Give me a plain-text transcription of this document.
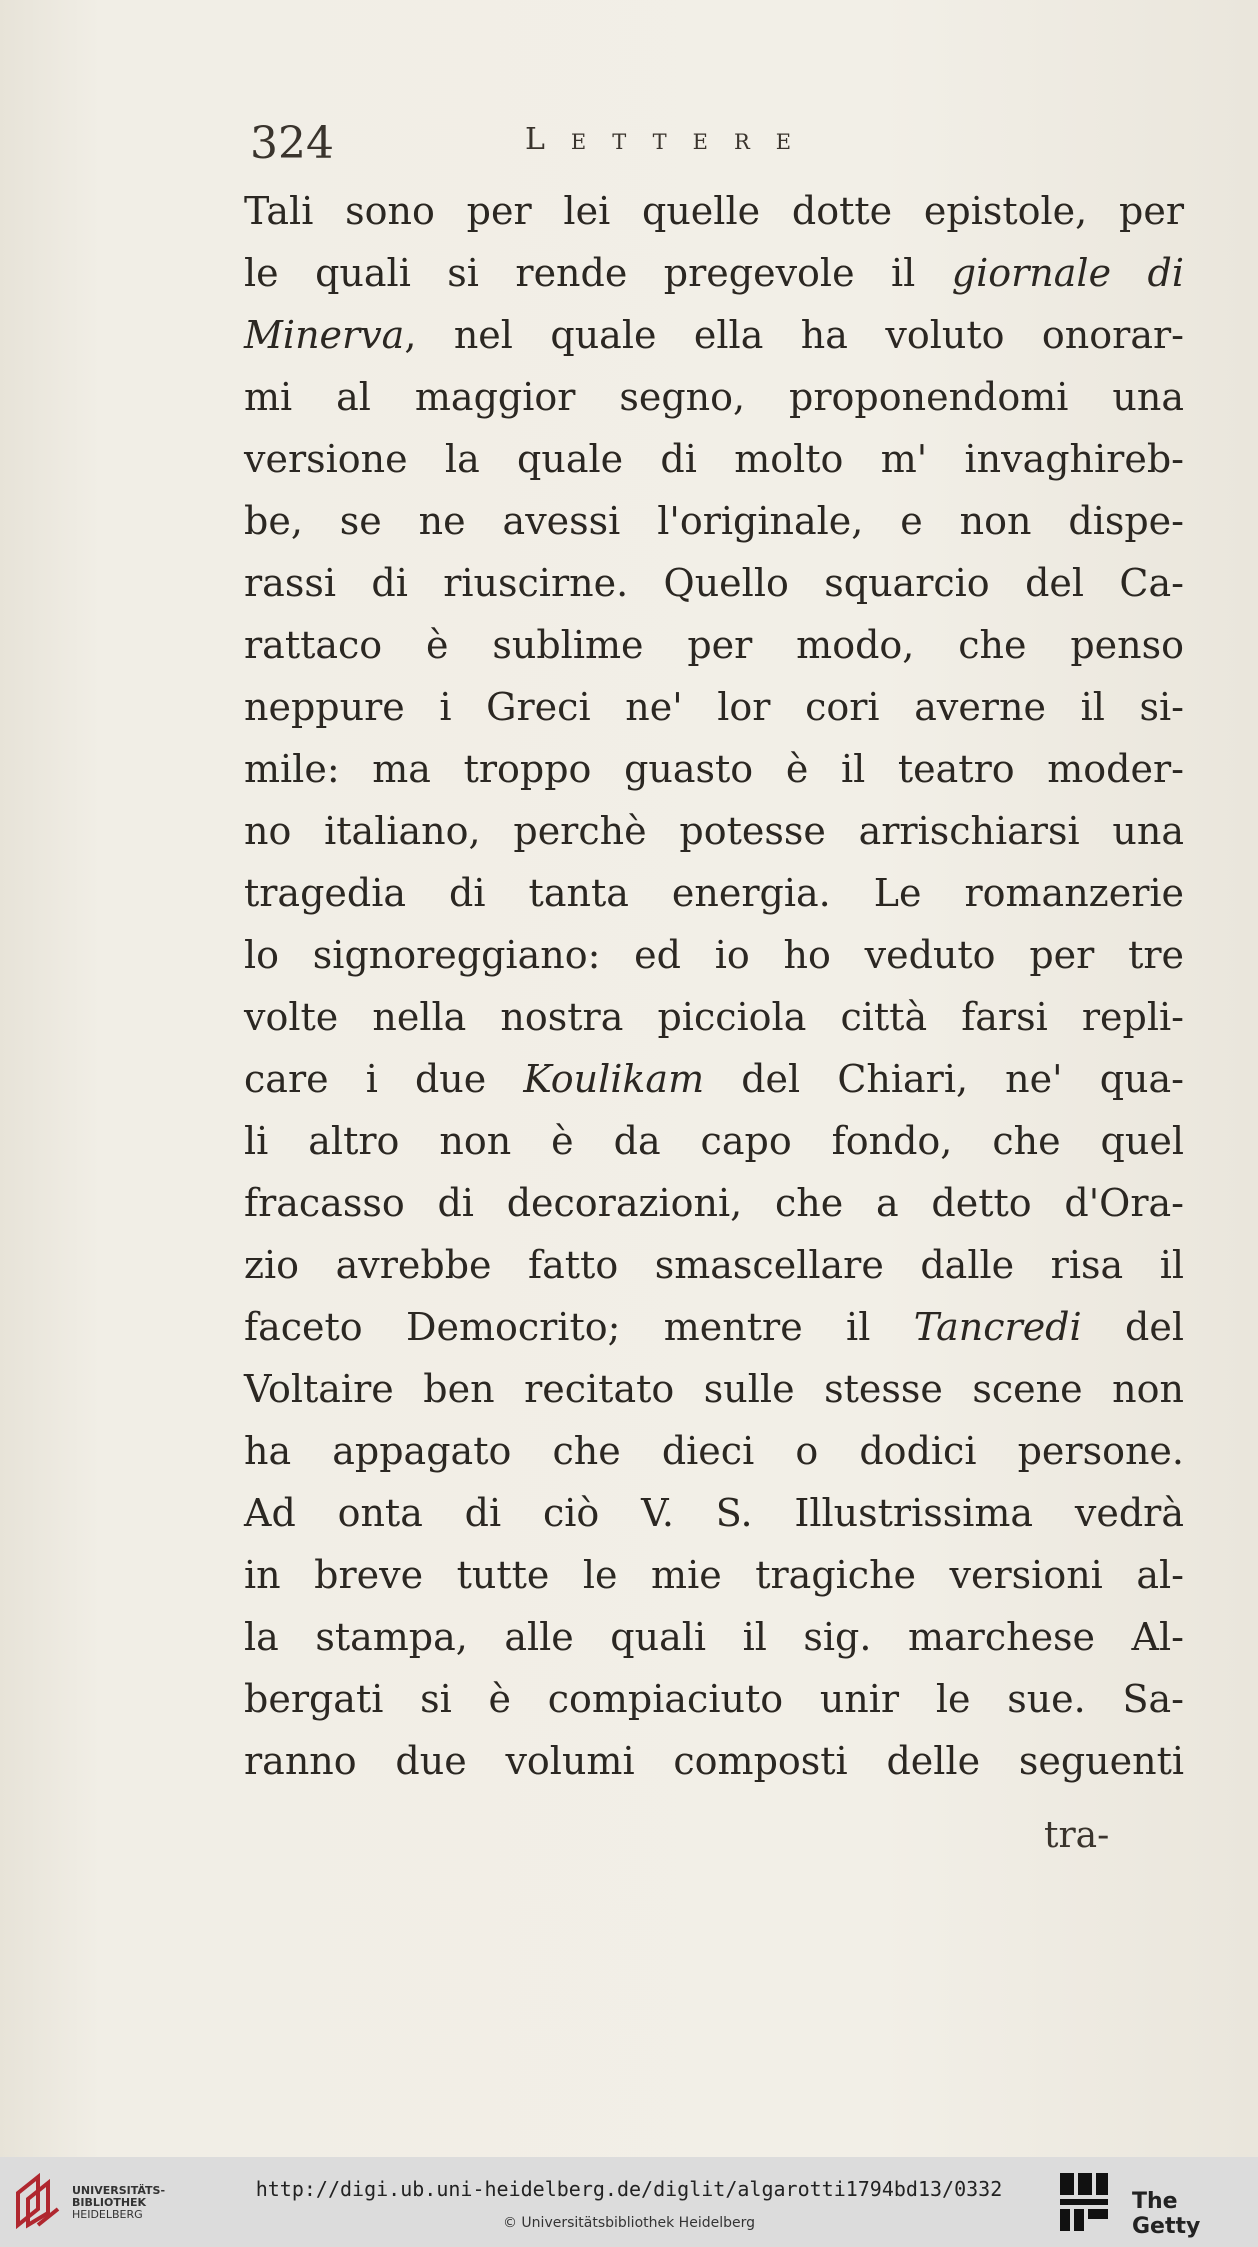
324	Lettere
Tali sono per lei quelle dotte epistole, per
le quali si rende pregevole il giornale di
Minerva, nel quale ella ha voluto onorar-
mi al maggior segno, proponendomi una
versione la quale di molto m' invaghireb-
be, se ne avessi l'originale, e non dispe-
rassi di riuscirne. Quello squarcio del Ca-
rattaco è sublime per modo, che penso
neppure i Greci ne' lor cori averne il si-
mile: ma troppo guasto è il teatro moder-
no italiano, perchè potesse arrischiarsi una
tragedia di tanta energia. Le romanzerie
lo signoreggiano: ed io ho veduto per tre
volte nella nostra picciola città farsi repli-
care i due Koulikam del Chiari, ne' qua-
li altro non è da capo fondo, che quel
fracasso di decorazioni, che a detto d'Ora-
zio avrebbe fatto smascellare dalle risa il
faceto Democrito; mentre il Tancredi del
Voltaire ben recitato sulle stesse scene non
ha appagato che dieci o dodici persone.
Ad onta di ciò V. S. Illustrissima vedrà
in breve tutte le mie tragiche versioni al-
la stampa, alle quali il sig. marchese Al-
bergati si è compiaciuto unir le sue. Sa-
ranno due volumi composti delle seguenti
tra-
UNIVERSITÄTS-
BIBLIOTHEK
HEIDELBERG
http://digi.ub.uni-heidelberg.de/diglit/algarotti1794bd13/0332
© Universitätsbibliothek Heidelberg
The Getty
